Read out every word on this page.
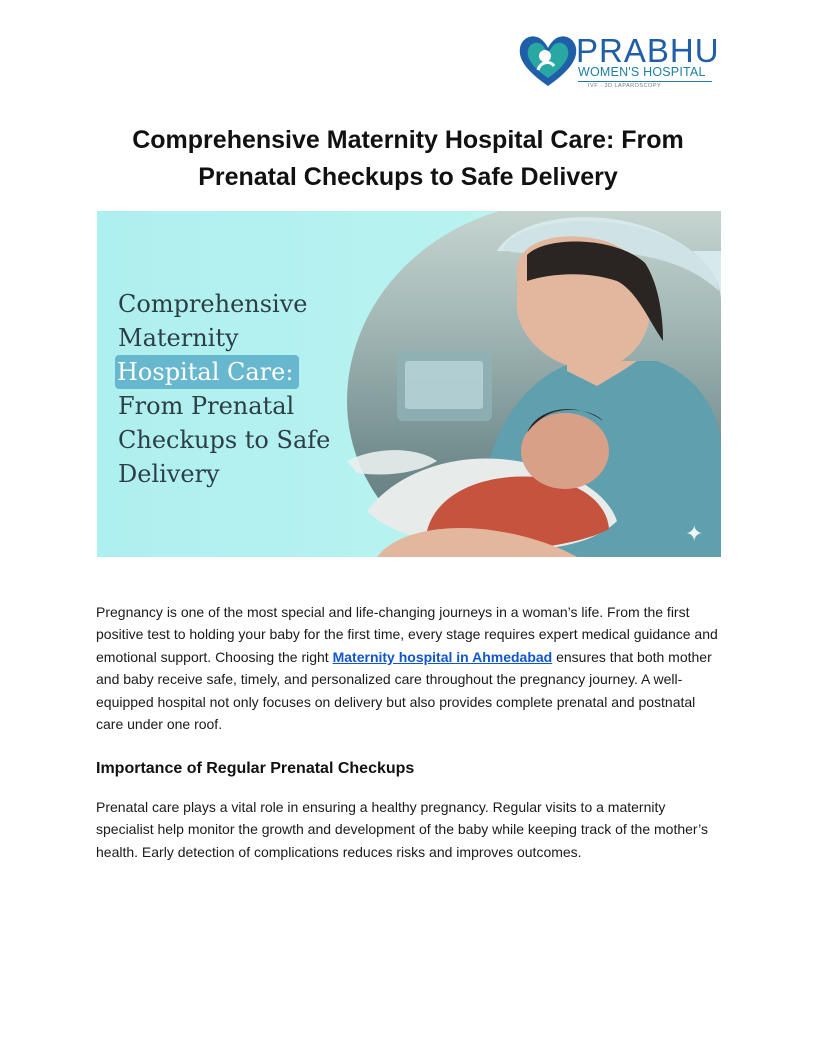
PRABHU
WOMEN'S HOSPITAL
IVF · 3D LAPAROSCOPY
Comprehensive Maternity Hospital Care: From Prenatal Checkups to Safe Delivery
Comprehensive
Maternity
Hospital Care:
From Prenatal
Checkups to Safe
Delivery
✦

Pregnancy is one of the most special and life-changing journeys in a woman’s life. From the first positive test to holding your baby for the first time, every stage requires expert medical guidance and emotional support. Choosing the right Maternity hospital in Ahmedabad ensures that both mother and baby receive safe, timely, and personalized care throughout the pregnancy journey. A well-equipped hospital not only focuses on delivery but also provides complete prenatal and postnatal care under one roof.

Importance of Regular Prenatal Checkups

Prenatal care plays a vital role in ensuring a healthy pregnancy. Regular visits to a maternity specialist help monitor the growth and development of the baby while keeping track of the mother’s health. Early detection of complications reduces risks and improves outcomes.
